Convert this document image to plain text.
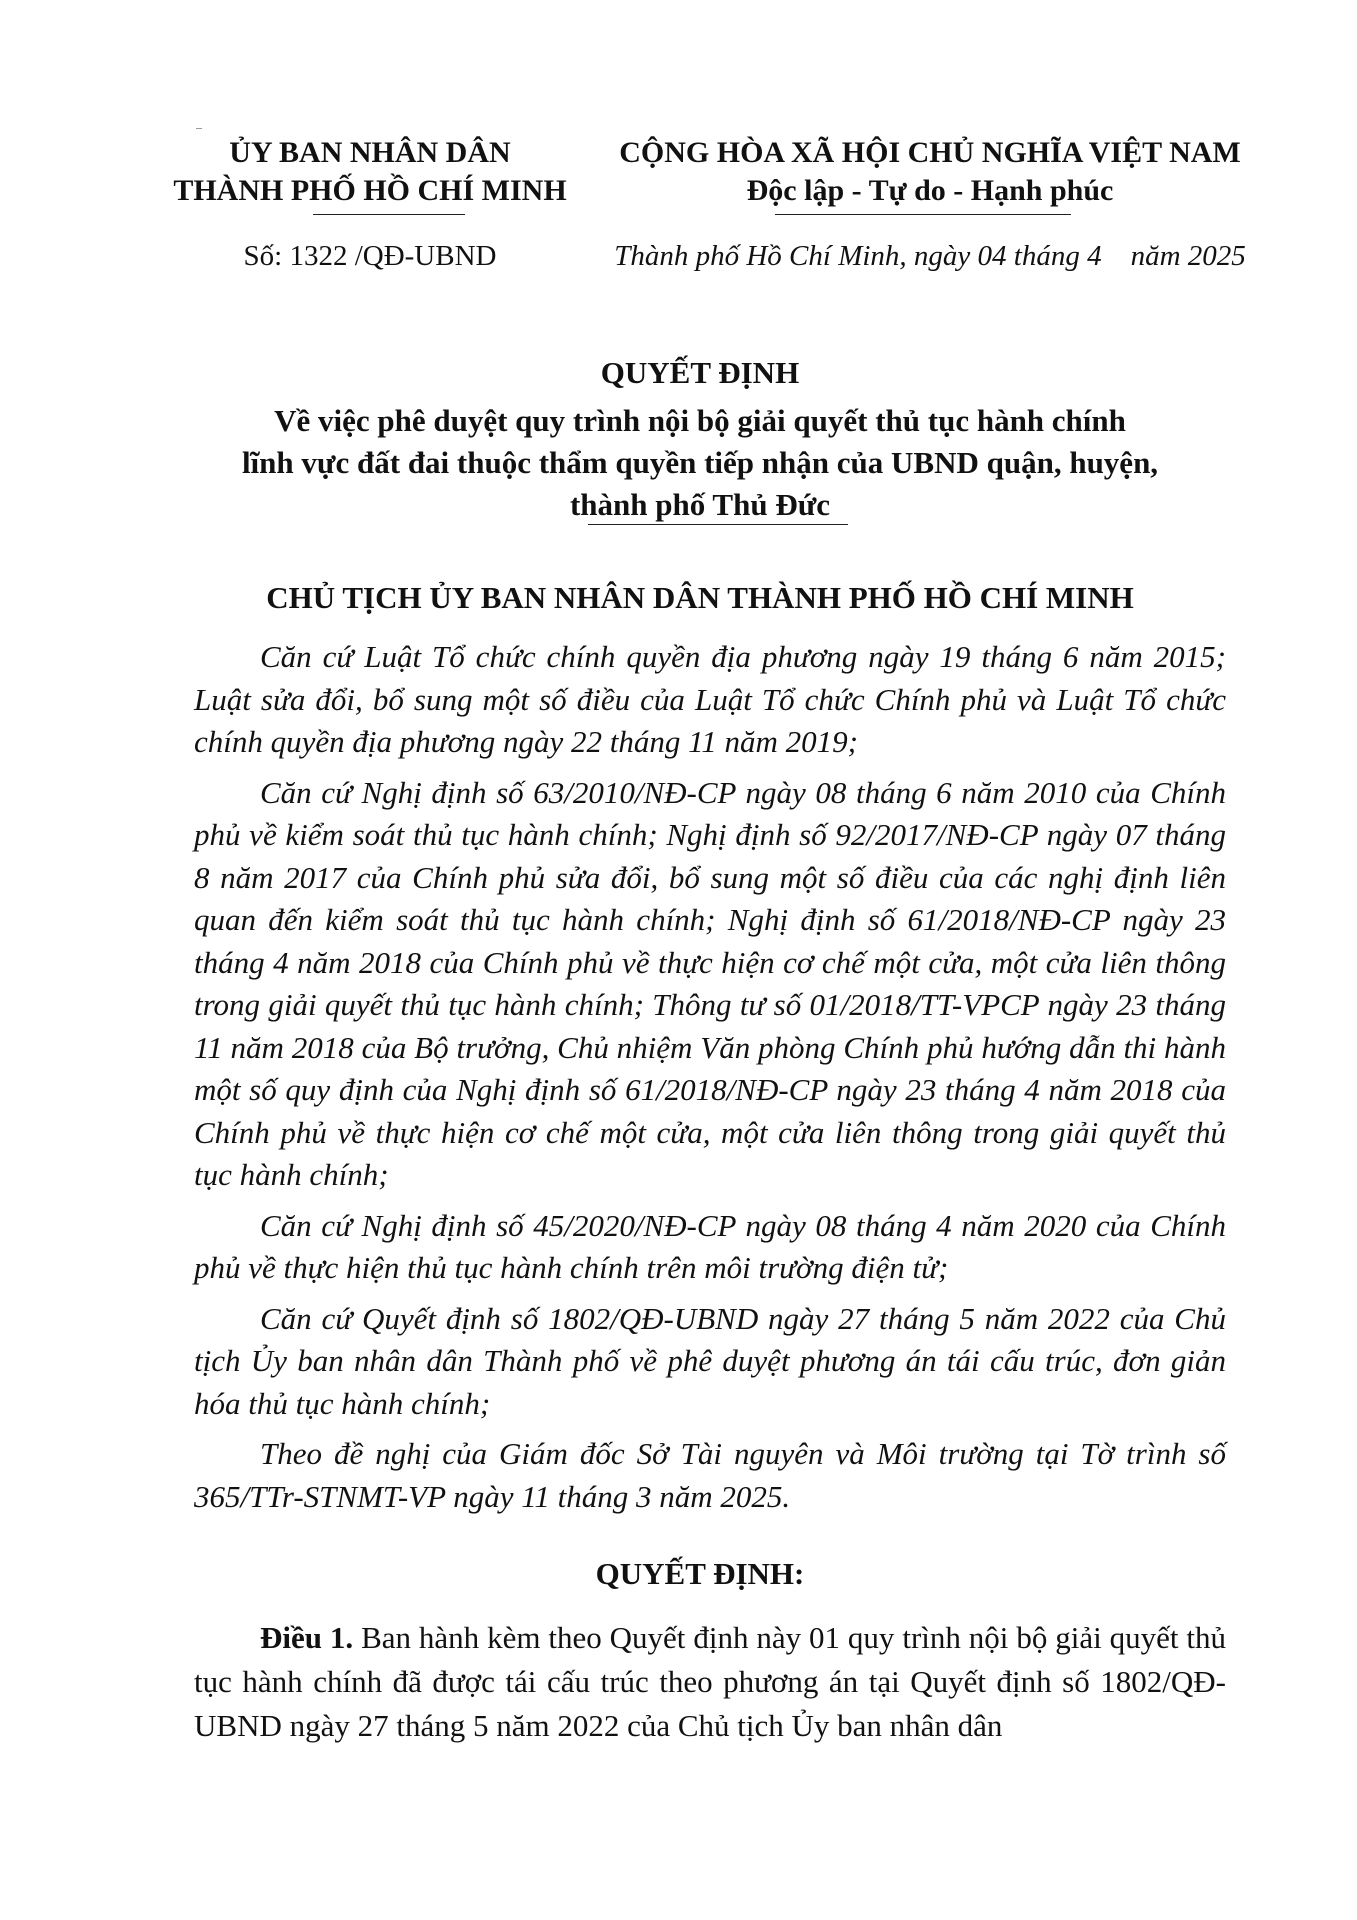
ỦY BAN NHÂN DÂN
THÀNH PHỐ HỒ CHÍ MINH
CỘNG HÒA XÃ HỘI CHỦ NGHĨA VIỆT NAM
Độc lập - Tự do - Hạnh phúc
Số: 1322 /QĐ-UBND	Thành phố Hồ Chí Minh, ngày 04 tháng 4    năm 2025
QUYẾT ĐỊNH
Về việc phê duyệt quy trình nội bộ giải quyết thủ tục hành chính
lĩnh vực đất đai thuộc thẩm quyền tiếp nhận của UBND quận, huyện,
thành phố Thủ Đức
CHỦ TỊCH ỦY BAN NHÂN DÂN THÀNH PHỐ HỒ CHÍ MINH

Căn cứ Luật Tổ chức chính quyền địa phương ngày 19 tháng 6 năm 2015; Luật sửa đổi, bổ sung một số điều của Luật Tổ chức Chính phủ và Luật Tổ chức chính quyền địa phương ngày 22 tháng 11 năm 2019;

Căn cứ Nghị định số 63/2010/NĐ-CP ngày 08 tháng 6 năm 2010 của Chính phủ về kiểm soát thủ tục hành chính; Nghị định số 92/2017/NĐ-CP ngày 07 tháng 8 năm 2017 của Chính phủ sửa đổi, bổ sung một số điều của các nghị định liên quan đến kiểm soát thủ tục hành chính; Nghị định số 61/2018/NĐ-CP ngày 23 tháng 4 năm 2018 của Chính phủ về thực hiện cơ chế một cửa, một cửa liên thông trong giải quyết thủ tục hành chính; Thông tư số 01/2018/TT-VPCP ngày 23 tháng 11 năm 2018 của Bộ trưởng, Chủ nhiệm Văn phòng Chính phủ hướng dẫn thi hành một số quy định của Nghị định số 61/2018/NĐ-CP ngày 23 tháng 4 năm 2018 của Chính phủ về thực hiện cơ chế một cửa, một cửa liên thông trong giải quyết thủ tục hành chính;

Căn cứ Nghị định số 45/2020/NĐ-CP ngày 08 tháng 4 năm 2020 của Chính phủ về thực hiện thủ tục hành chính trên môi trường điện tử;

Căn cứ Quyết định số 1802/QĐ-UBND ngày 27 tháng 5 năm 2022 của Chủ tịch Ủy ban nhân dân Thành phố về phê duyệt phương án tái cấu trúc, đơn giản hóa thủ tục hành chính;

Theo đề nghị của Giám đốc Sở Tài nguyên và Môi trường tại Tờ trình số 365/TTr-STNMT-VP ngày 11 tháng 3 năm 2025.

QUYẾT ĐỊNH:
Điều 1. Ban hành kèm theo Quyết định này 01 quy trình nội bộ giải quyết thủ tục hành chính đã được tái cấu trúc theo phương án tại Quyết định số 1802/QĐ-UBND ngày 27 tháng 5 năm 2022 của Chủ tịch Ủy ban nhân dân
